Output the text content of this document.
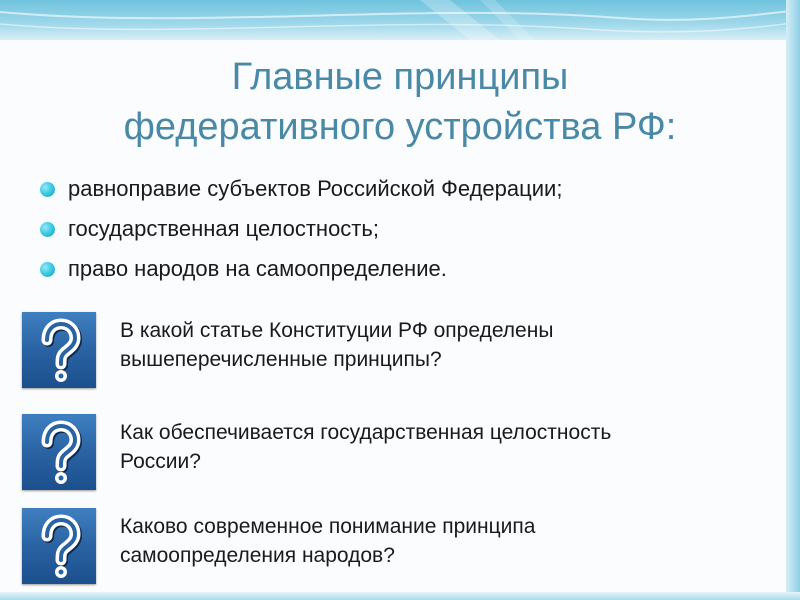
Главные принципы
федеративного устройства РФ:
равноправие субъектов Российской Федерации;
государственная целостность;
право народов на самоопределение.
В какой статье Конституции РФ определены
вышеперечисленные принципы?
Как обеспечивается государственная целостность
России?
Каково современное понимание принципа
самоопределения народов?
